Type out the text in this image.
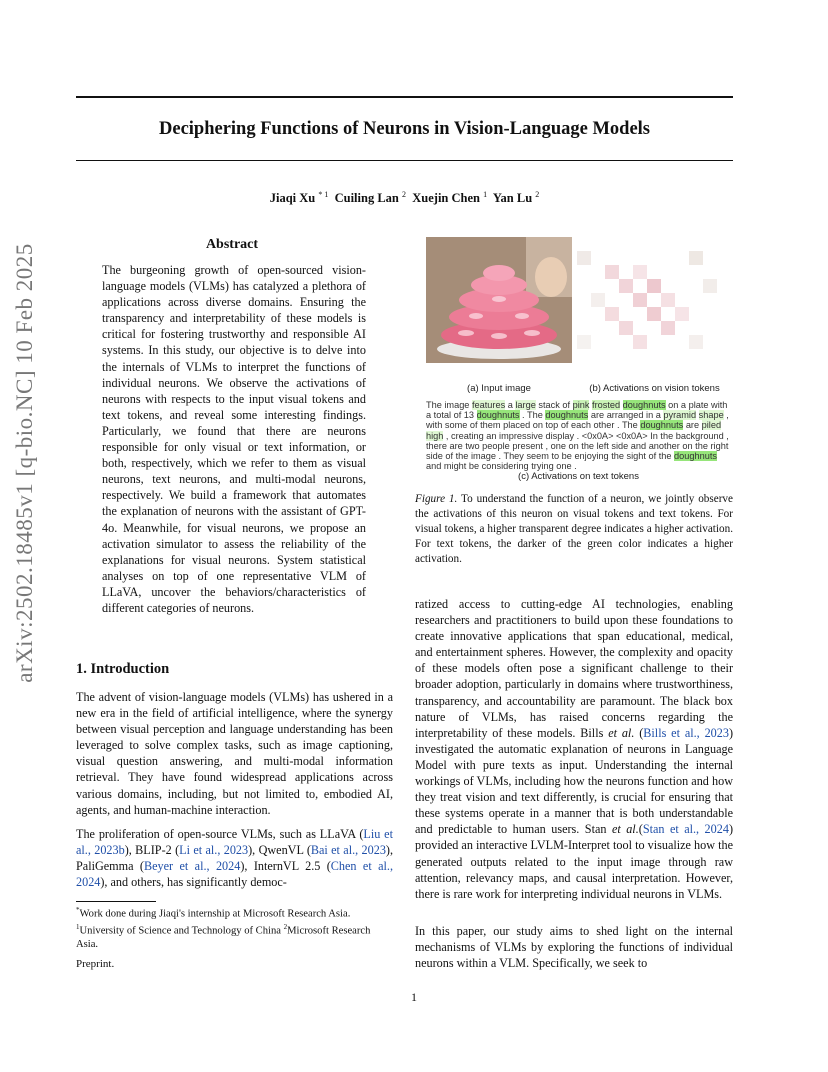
Deciphering Functions of Neurons in Vision-Language Models
Jiaqi Xu $^{* 1}$ Cuiling Lan $^2$ Xuejin Chen $^1$ Yan Lu $^2$
arXiv:2502.18485v1 [q-bio.NC] 10 Feb 2025	Abstract
The burgeoning growth of open-sourced vision-language models (VLMs) has catalyzed a plethora of applications across diverse domains. Ensuring the transparency and interpretability of these models is critical for fostering trustworthy and responsible AI systems. In this study, our objective is to delve into the internals of VLMs to interpret the functions of individual neurons. We observe the activations of neurons with respects to the input visual tokens and text tokens, and reveal some interesting findings. Particularly, we found that there are neurons responsible for only visual or text information, or both, respectively, which we refer to them as visual neurons, text neurons, and multi-modal neurons, respectively. We build a framework that automates the explanation of neurons with the assistant of GPT-4o. Meanwhile, for visual neurons, we propose an activation simulator to assess the reliability of the explanations for visual neurons. System statistical analyses on top of one representative VLM of LLaVA, uncover the behaviors/characteristics of different categories of neurons.
1. Introduction
The advent of vision-language models (VLMs) has ushered in a new era in the field of artificial intelligence, where the synergy between visual perception and language understanding has been leveraged to solve complex tasks, such as image captioning, visual question answering, and multi-modal information retrieval. They have found widespread applications across various domains, including, but not limited to, embodied AI, agents, and human-machine interaction.
The proliferation of open-source VLMs, such as LLaVA (Liu et al., 2023b), BLIP-2 (Li et al., 2023), QwenVL (Bai et al., 2023), PaliGemma (Beyer et al., 2024), InternVL 2.5 (Chen et al., 2024), and others, has significantly democ-
*Work done during Jiaqi's internship at Microsoft Research Asia. $^1$University of Science and Technology of China $^2$Microsoft Research Asia.
Preprint.
1
(a) Input image	(b) Activations on vision tokens
The image features a large stack of pink frosted doughnuts on a plate with a total of 13 doughnuts . The doughnuts are arranged in a pyramid shape , with some of them placed on top of each other . The doughnuts are piled high , creating an impressive display . <0x0A> <0x0A> In the background , there are two people present , one on the left side and another on the right side of the image . They seem to be enjoying the sight of the doughnuts and might be considering trying one .
(c) Activations on text tokens
Figure 1. To understand the function of a neuron, we jointly observe the activations of this neuron on visual tokens and text tokens. For visual tokens, a higher transparent degree indicates a higher activation. For text tokens, the darker of the green color indicates a higher activation.
ratized access to cutting-edge AI technologies, enabling researchers and practitioners to build upon these foundations to create innovative applications that span educational, medical, and entertainment spheres. However, the complexity and opacity of these models often pose a significant challenge to their broader adoption, particularly in domains where trustworthiness, transparency, and accountability are paramount. The black box nature of VLMs, has raised concerns regarding the interpretability of these models. Bills et al. (Bills et al., 2023) investigated the automatic explanation of neurons in Language Model with pure texts as input. Understanding the internal workings of VLMs, including how the neurons function and how they treat vision and text differently, is crucial for ensuring that these systems operate in a manner that is both understandable and predictable to human users. Stan et al.(Stan et al., 2024) provided an interactive LVLM-Interpret tool to visualize how the generated outputs related to the input image through raw attention, relevancy maps, and causal interpretation. However, there is rare work for interpreting individual neurons in VLMs.
In this paper, our study aims to shed light on the internal mechanisms of VLMs by exploring the functions of individual neurons within a VLM. Specifically, we seek to
